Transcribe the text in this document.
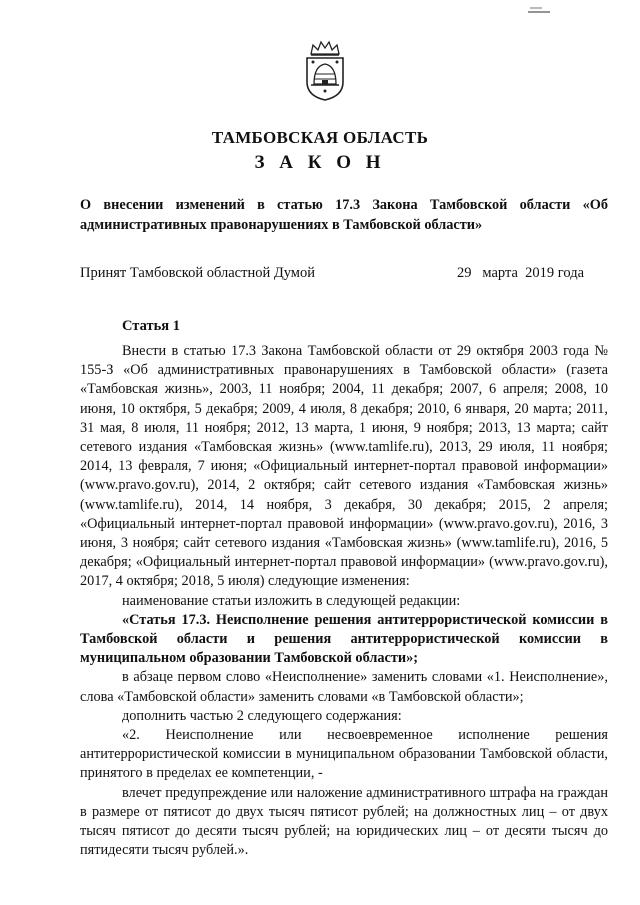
ТАМБОВСКАЯ ОБЛАСТЬ
З А К О Н
О внесении изменений в статью 17.3 Закона Тамбовской области «Об административных правонарушениях в Тамбовской области»
Принят Тамбовской областной Думой	29 марта  2019 года
Статья 1

Внести в статью 17.3 Закона Тамбовской области от 29 октября 2003 года № 155-З «Об административных правонарушениях в Тамбовской области» (газета «Тамбовская жизнь», 2003, 11 ноября; 2004, 11 декабря; 2007, 6 апреля; 2008, 10 июня, 10 октября, 5 декабря; 2009, 4 июля, 8 декабря; 2010, 6 января, 20 марта; 2011, 31 мая, 8 июля, 11 ноября; 2012, 13 марта, 1 июня, 9 ноября; 2013, 13 марта; сайт сетевого издания «Тамбовская жизнь» (www.tamlife.ru), 2013, 29 июля, 11 ноября; 2014, 13 февраля, 7 июня; «Официальный интернет-портал правовой информации» (www.pravo.gov.ru), 2014, 2 октября; сайт сетевого издания «Тамбовская жизнь» (www.tamlife.ru), 2014, 14 ноября, 3 декабря, 30 декабря; 2015, 2 апреля; «Официальный интернет-портал правовой информации» (www.pravo.gov.ru), 2016, 3 июня, 3 ноября; сайт сетевого издания «Тамбовская жизнь» (www.tamlife.ru), 2016, 5 декабря; «Официальный интернет-портал правовой информации» (www.pravo.gov.ru), 2017, 4 октября; 2018, 5 июля) следующие изменения:

наименование статьи изложить в следующей редакции:

«Статья 17.3. Неисполнение решения антитеррористической комиссии в Тамбовской области и решения антитеррористической комиссии в муниципальном образовании Тамбовской области»;

в абзаце первом слово «Неисполнение» заменить словами «1. Неисполнение», слова «Тамбовской области» заменить словами «в Тамбовской области»;

дополнить частью 2 следующего содержания:

«2. Неисполнение или несвоевременное исполнение решения антитеррористической комиссии в муниципальном образовании Тамбовской области, принятого в пределах ее компетенции, -

влечет предупреждение или наложение административного штрафа на граждан в размере от пятисот до двух тысяч пятисот рублей; на должностных лиц – от двух тысяч пятисот до десяти тысяч рублей; на юридических лиц – от десяти тысяч до пятидесяти тысяч рублей.».
